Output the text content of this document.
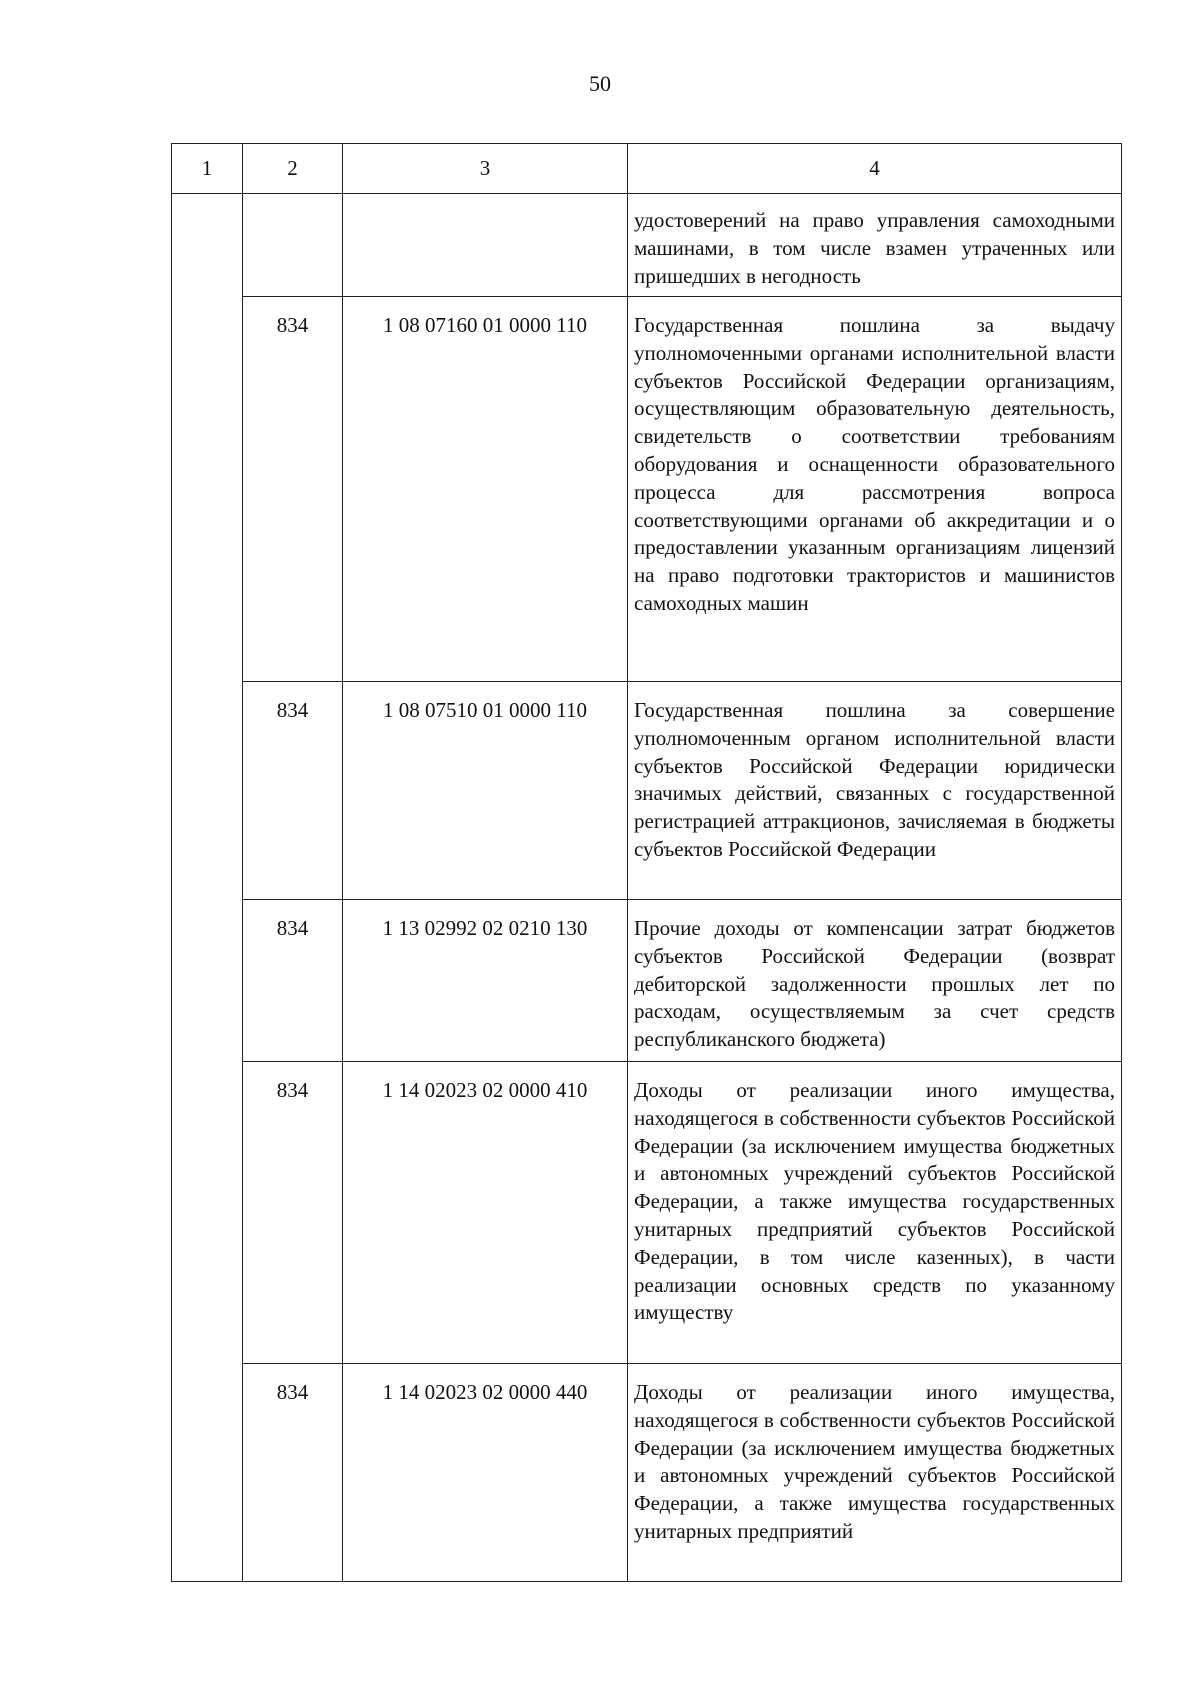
50
1	2	3	4
			удостоверений на право управления самоходными машинами, в том числе взамен утраченных или пришедших в негодность
	834	1 08 07160 01 0000 110	Государственная пошлина за выдачу уполномоченными органами исполнительной власти субъектов Российской Федерации организациям, осуществляющим образовательную деятельность, свидетельств о соответствии требованиям оборудования и оснащенности образовательного процесса для рассмотрения вопроса соответствующими органами об аккредитации и о предоставлении указанным организациям лицензий на право подготовки трактористов и машинистов самоходных машин
	834	1 08 07510 01 0000 110	Государственная пошлина за совершение уполномоченным органом исполнительной власти субъектов Российской Федерации юридически значимых действий, связанных с государственной регистрацией аттракционов, зачисляемая в бюджеты субъектов Российской Федерации
	834	1 13 02992 02 0210 130	Прочие доходы от компенсации затрат бюджетов субъектов Российской Федерации (возврат дебиторской задолженности прошлых лет по расходам, осуществляемым за счет средств республиканского бюджета)
	834	1 14 02023 02 0000 410	Доходы от реализации иного имущества, находящегося в собственности субъектов Российской Федерации (за исключением имущества бюджетных и автономных учреждений субъектов Российской Федерации, а также имущества государственных унитарных предприятий субъектов Российской Федерации, в том числе казенных), в части реализации основных средств по указанному имуществу
	834	1 14 02023 02 0000 440	Доходы от реализации иного имущества, находящегося в собственности субъектов Российской Федерации (за исключением имущества бюджетных и автономных учреждений субъектов Российской Федерации, а также имущества государственных унитарных предприятий
